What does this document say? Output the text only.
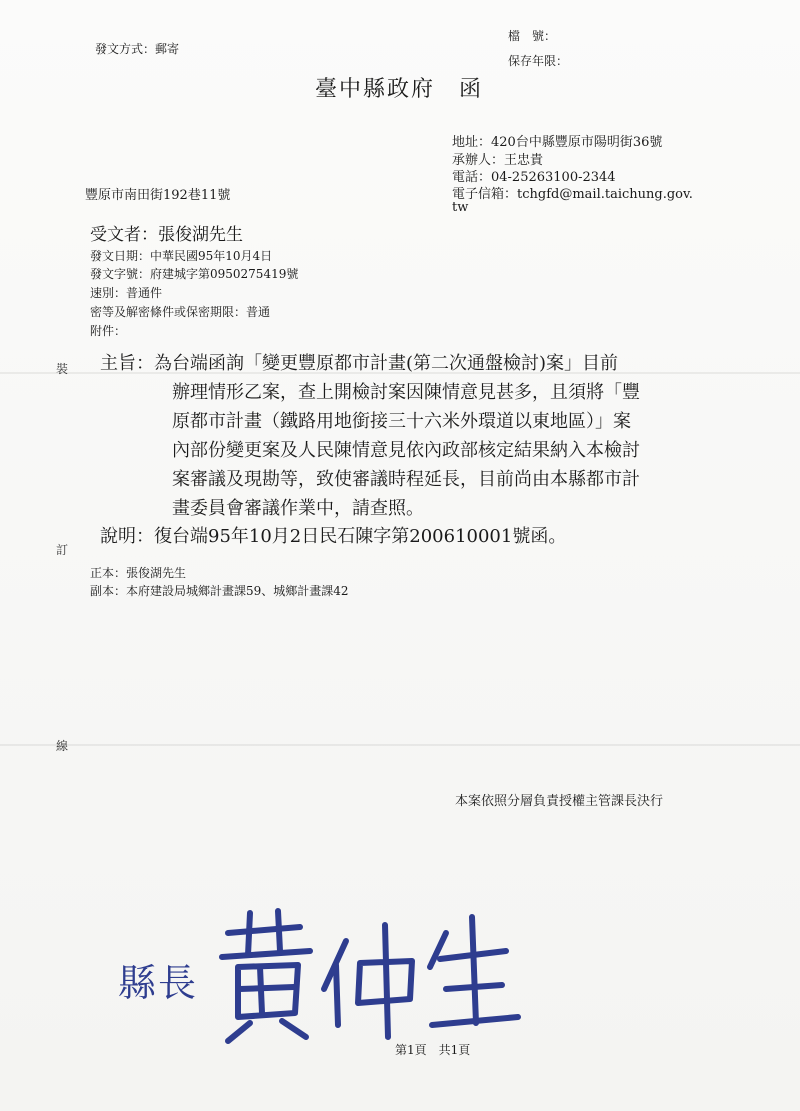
發文方式：郵寄
檔　號：
保存年限：
臺中縣政府　函
地址：420台中縣豐原市陽明街36號
承辦人：王忠貴
電話：04-25263100-2344
電子信箱：tchgfd@mail.taichung.gov.
tw
豐原市南田街192巷11號
受文者：張俊湖先生
發文日期：中華民國95年10月4日
發文字號：府建城字第0950275419號
速別：普通件
密等及解密條件或保密期限：普通
附件：
裝
訂
線
主旨：為台端函詢「變更豐原都市計畫(第二次通盤檢討)案」目前
辦理情形乙案，查上開檢討案因陳情意見甚多，且須將「豐
原都市計畫（鐵路用地銜接三十六米外環道以東地區）」案
內部份變更案及人民陳情意見依內政部核定結果納入本檢討
案審議及現勘等，致使審議時程延長，目前尚由本縣都市計
畫委員會審議作業中，請查照。
說明：復台端95年10月2日民石陳字第200610001號函。
正本：張俊湖先生
副本：本府建設局城鄉計畫課59、城鄉計畫課42
本案依照分層負責授權主管課長決行
縣長
第1頁　共1頁
